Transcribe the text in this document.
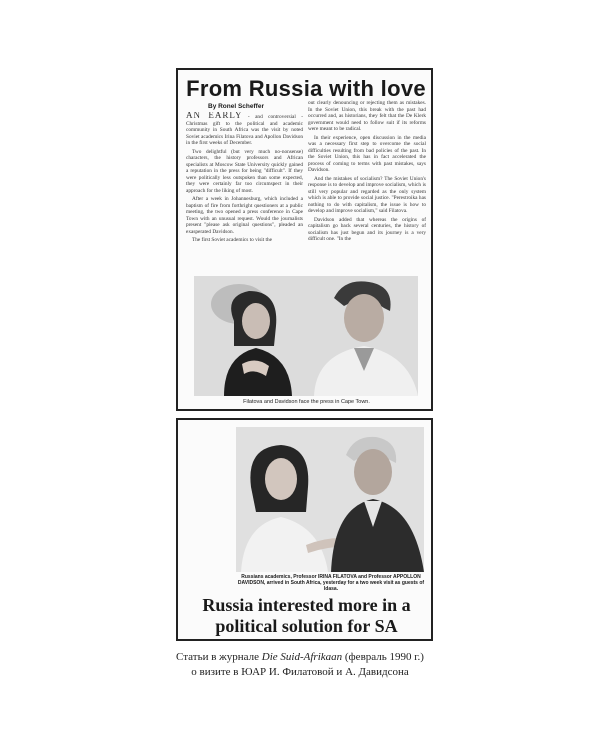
From Russia with love
By Ronel Scheffer

AN EARLY - and controversial - Christmas gift to the political and academic community in South Africa was the visit by noted Soviet academics Irina Filatova and Apollon Davidson in the first weeks of December.

Two delightful (but very much no-nonsense) characters, the history professors and African specialists at Moscow State University quickly gained a reputation in the press for being "difficult". If they were politically less outspoken than some expected, they were certainly far too circumspect in their approach for the liking of most.

After a week in Johannesburg, which included a baptism of fire from forthright questioners at a public meeting, the two opened a press conference in Cape Town with an unusual request. Would the journalists present "please ask original questions", pleaded an exasperated Davidson.

The first Soviet academics to visit the

out clearly denouncing or rejecting them as mistakes. In the Soviet Union, this break with the past had occurred and, as historians, they felt that the De Klerk government would need to follow suit if its reforms were meant to be radical.

In their experience, open discussion in the media was a necessary first step to overcome the social difficulties resulting from bad policies of the past. In the Soviet Union, this has in fact accelerated the process of coming to terms with past mistakes, says Davidson.

And the mistakes of socialism? The Soviet Union's response is to develop and improve socialism, which is still very popular and regarded as the only system which is able to provide social justice. "Perestroika has nothing to do with capitalism, the issue is how to develop and improve socialism," said Filatova.

Davidson added that whereas the origins of capitalism go back several centuries, the history of socialism has just begun and its journey is a very difficult one. "In the

Filatova and Davidson face the press in Cape Town.
Russians academics, Professor IRINA FILATOVA and Professor APPOLLON DAVIDSON, arrived in South Africa, yesterday for a two week visit as guests of Idasa.
Russia interested more in a
political solution for SA
Статьи в журнале Die Suid-Afrikaan (февраль 1990 г.)
о визите в ЮАР И. Филатовой и А. Давидсона
